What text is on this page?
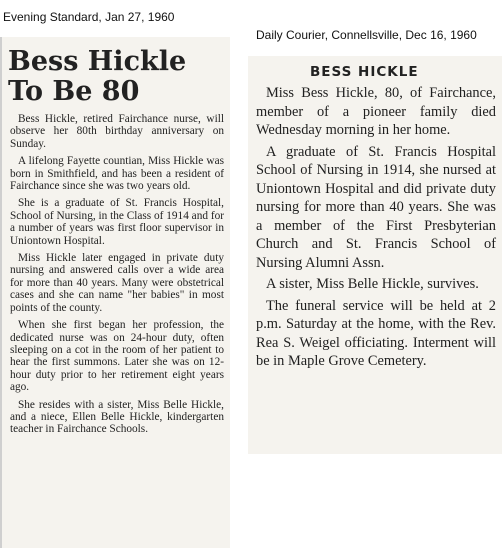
Evening Standard, Jan 27, 1960
Daily Courier, Connellsville, Dec 16, 1960
Bess Hickle
To Be 80

Bess Hickle, retired Fairchance nurse, will observe her 80th birthday anniversary on Sunday.

A lifelong Fayette countian, Miss Hickle was born in Smithfield, and has been a resident of Fairchance since she was two years old.

She is a graduate of St. Francis Hospital, School of Nursing, in the Class of 1914 and for a number of years was first floor supervisor in Uniontown Hospital.

Miss Hickle later engaged in private duty nursing and answered calls over a wide area for more than 40 years. Many were obstetrical cases and she can name "her babies" in most points of the county.

When she first began her profession, the dedicated nurse was on 24-hour duty, often sleeping on a cot in the room of her patient to hear the first summons. Later she was on 12-hour duty prior to her retirement eight years ago.

She resides with a sister, Miss Belle Hickle, and a niece, Ellen Belle Hickle, kindergarten teacher in Fairchance Schools.

BESS HICKLE

Miss Bess Hickle, 80, of Fairchance, member of a pioneer family died Wednesday morning in her home.

A graduate of St. Francis Hospital School of Nursing in 1914, she nursed at Uniontown Hospital and did private duty nursing for more than 40 years. She was a member of the First Presbyterian Church and St. Francis School of Nursing Alumni Assn.

A sister, Miss Belle Hickle, survives.

The funeral service will be held at 2 p.m. Saturday at the home, with the Rev. Rea S. Weigel officiating. Interment will be in Maple Grove Cemetery.
